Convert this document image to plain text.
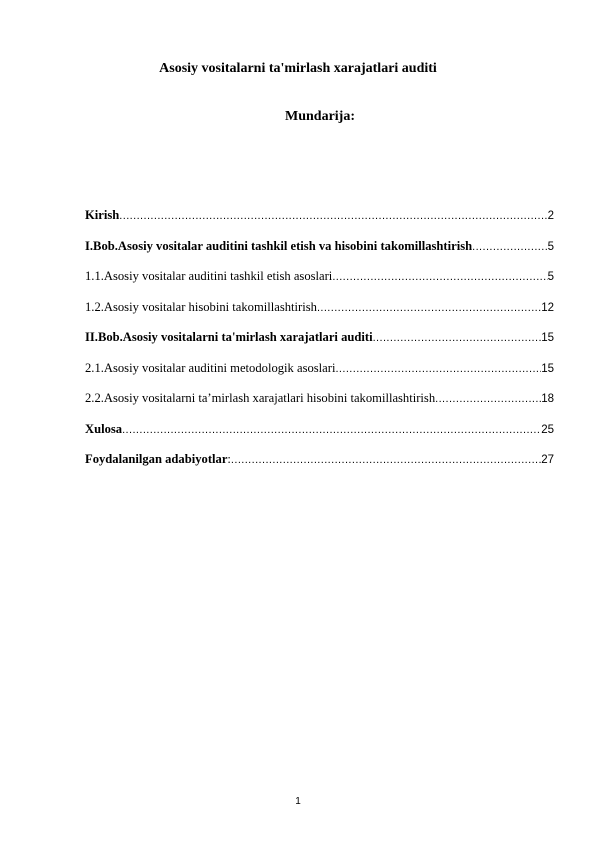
Asosiy vositalarni ta'mirlash xarajatlari auditi
Mundarija:
Kirish .....	2
I.Bob.Asosiy vositalar auditini tashkil etish va hisobini takomillashtirish .....	5
1.1.Asosiy vositalar auditini tashkil etish asoslari .....	5
1.2.Asosiy vositalar hisobini takomillashtirish .....	12
II.Bob.Asosiy vositalarni ta'mirlash xarajatlari auditi .....	15
2.1.Asosiy vositalar auditini metodologik asoslari .....	15
2.2.Asosiy vositalarni ta’mirlash xarajatlari hisobini takomillashtirish .....	18
Xulosa .....	25
Foydalanilgan adabiyotlar : .....	27
1
